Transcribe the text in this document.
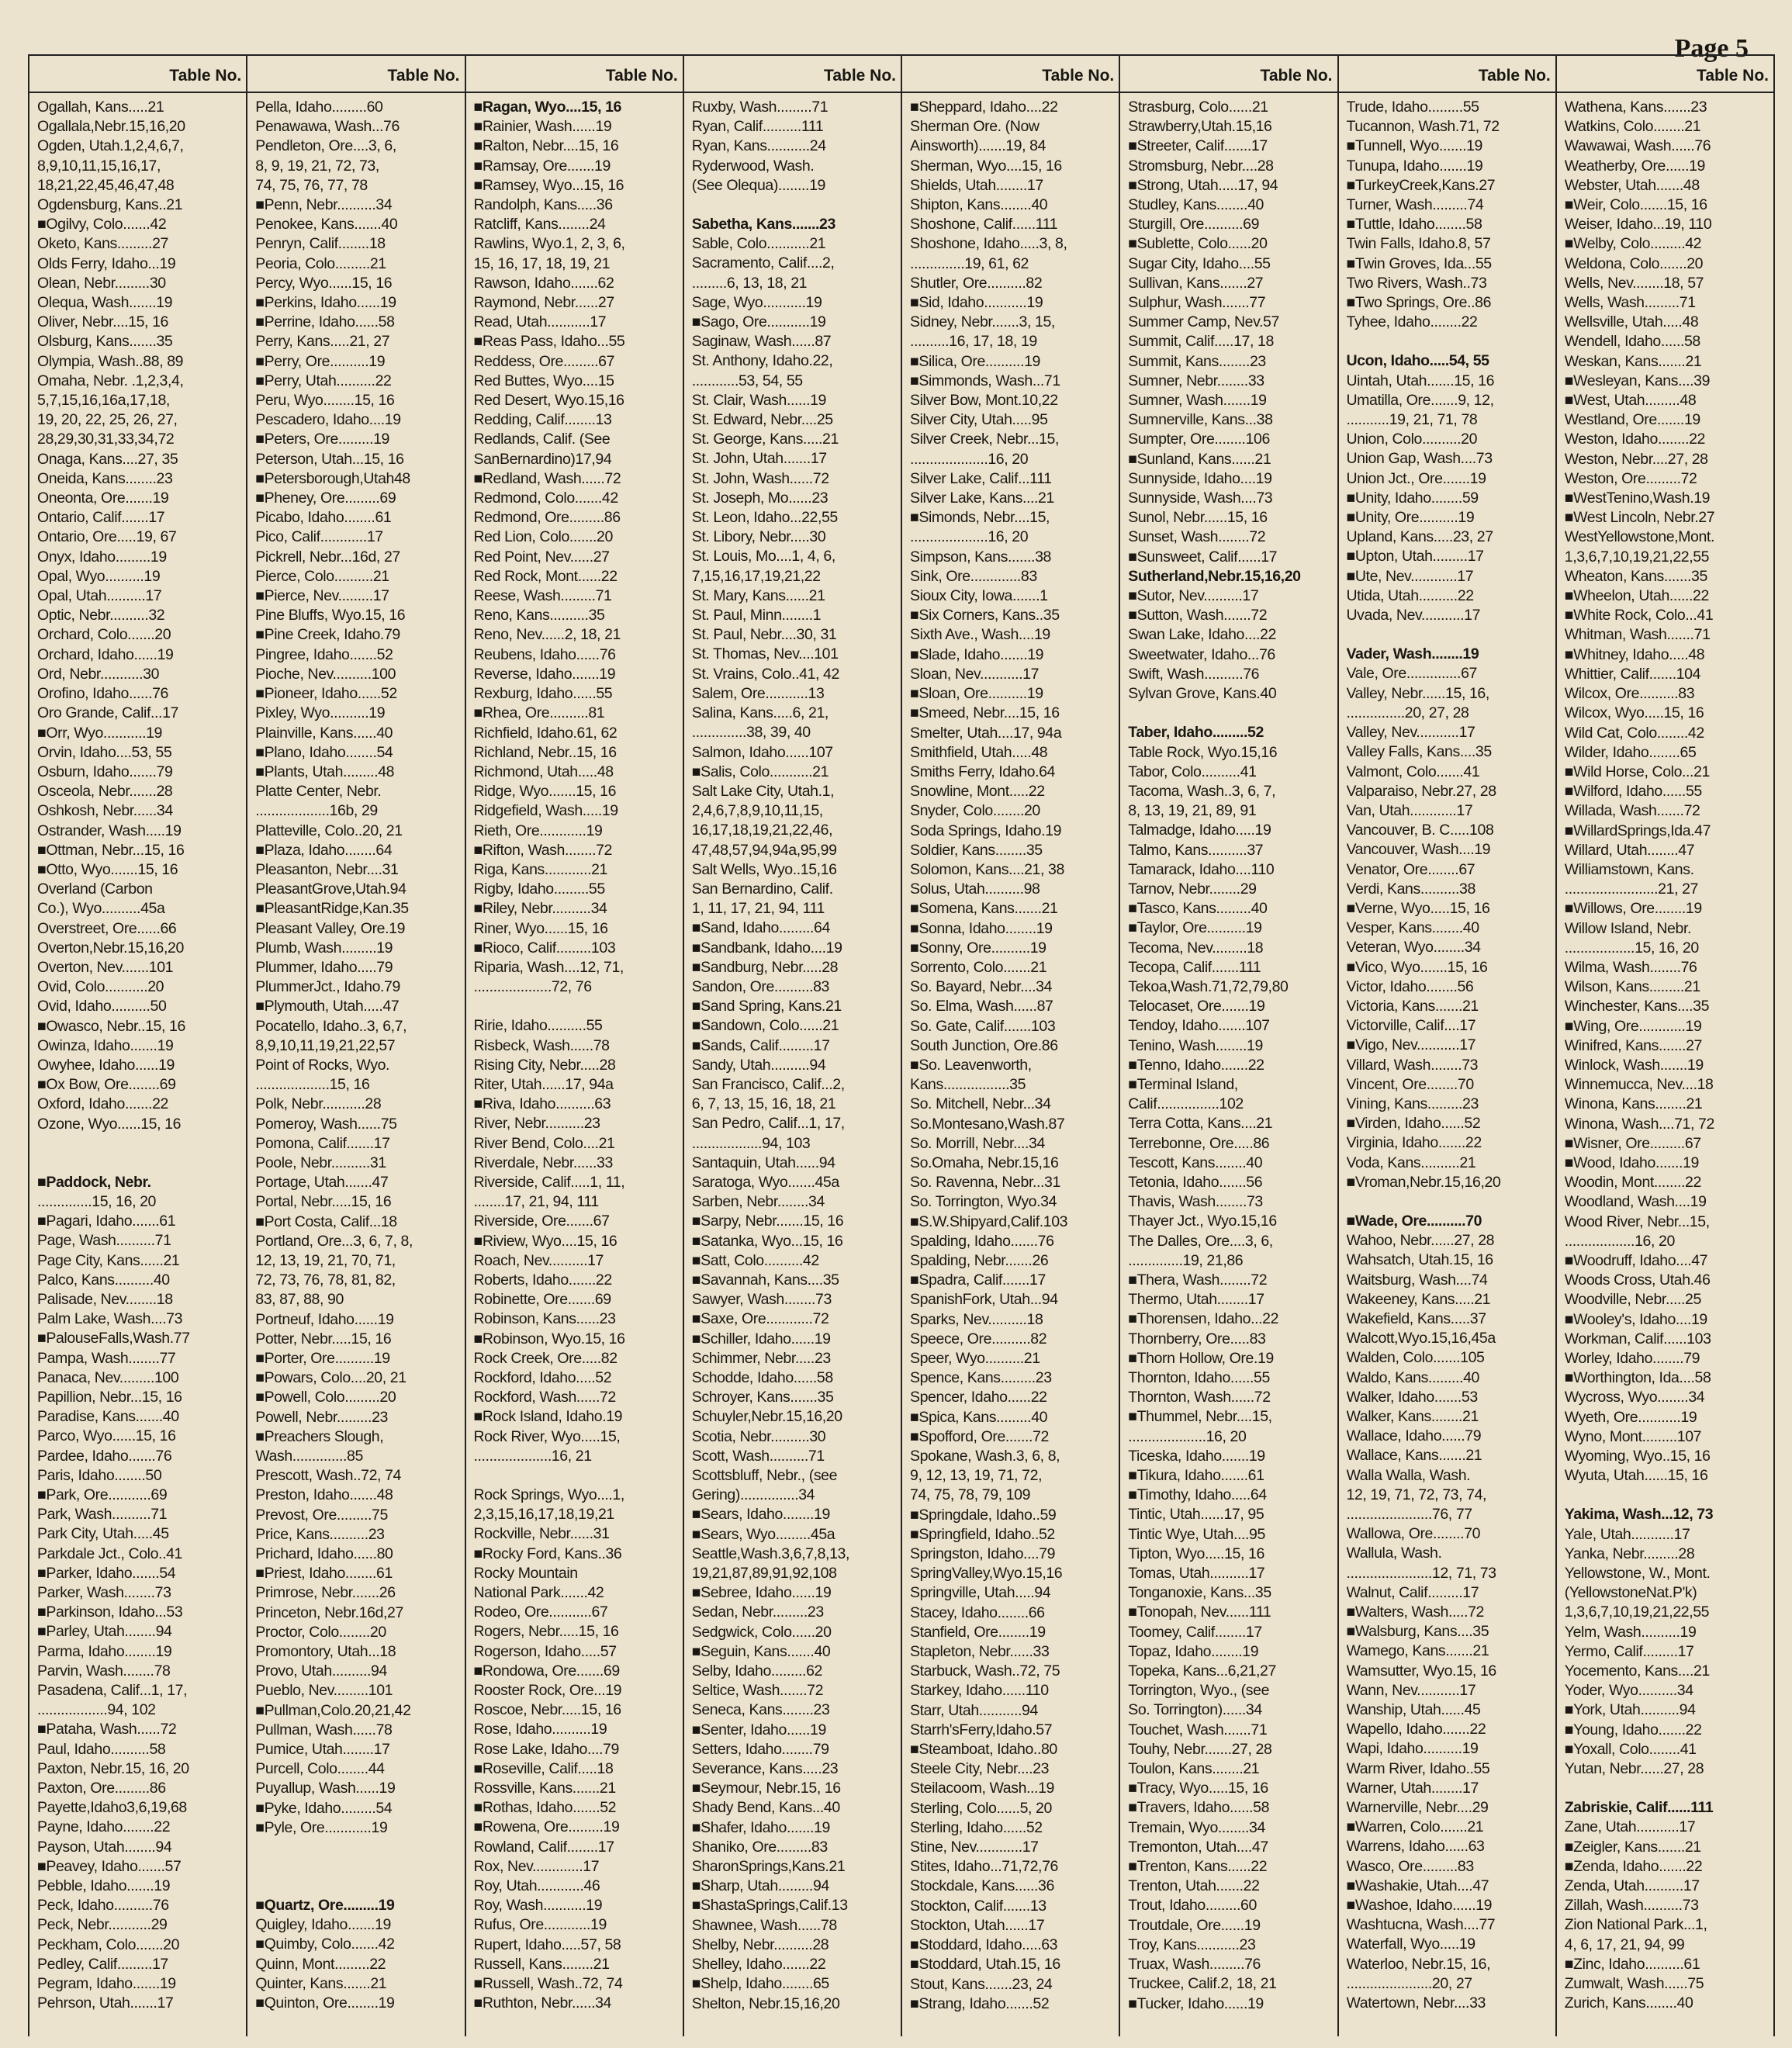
Page 5
Table No.
Ogallah, Kans.....21
Ogallala,Nebr.15,16,20
Ogden, Utah.1,2,4,6,7,
8,9,10,11,15,16,17,
18,21,22,45,46,47,48
Ogdensburg, Kans..21
■Ogilvy, Colo.......42
Oketo, Kans.........27
Olds Ferry, Idaho...19
Olean, Nebr.........30
Olequa, Wash.......19
Oliver, Nebr....15, 16
Olsburg, Kans.......35
Olympia, Wash..88, 89
Omaha, Nebr. .1,2,3,4,
5,7,15,16,16a,17,18,
19, 20, 22, 25, 26, 27,
28,29,30,31,33,34,72
Onaga, Kans....27, 35
Oneida, Kans........23
Oneonta, Ore.......19
Ontario, Calif.......17
Ontario, Ore.....19, 67
Onyx, Idaho.........19
Opal, Wyo..........19
Opal, Utah..........17
Optic, Nebr..........32
Orchard, Colo.......20
Orchard, Idaho......19
Ord, Nebr...........30
Orofino, Idaho......76
Oro Grande, Calif...17
■Orr, Wyo...........19
Orvin, Idaho....53, 55
Osburn, Idaho.......79
Osceola, Nebr.......28
Oshkosh, Nebr......34
Ostrander, Wash.....19
■Ottman, Nebr...15, 16
■Otto, Wyo.......15, 16
Overland (Carbon
Co.), Wyo..........45a
Overstreet, Ore......66
Overton,Nebr.15,16,20
Overton, Nev.......101
Ovid, Colo...........20
Ovid, Idaho..........50
■Owasco, Nebr..15, 16
Owinza, Idaho.......19
Owyhee, Idaho......19
■Ox Bow, Ore........69
Oxford, Idaho.......22
Ozone, Wyo......15, 16
■Paddock, Nebr.
..............15, 16, 20
■Pagari, Idaho.......61
Page, Wash..........71
Page City, Kans......21
Palco, Kans..........40
Palisade, Nev........18
Palm Lake, Wash....73
■PalouseFalls,Wash.77
Pampa, Wash........77
Panaca, Nev.........100
Papillion, Nebr...15, 16
Paradise, Kans.......40
Parco, Wyo......15, 16
Pardee, Idaho.......76
Paris, Idaho........50
■Park, Ore...........69
Park, Wash..........71
Park City, Utah.....45
Parkdale Jct., Colo..41
■Parker, Idaho.......54
Parker, Wash........73
■Parkinson, Idaho...53
■Parley, Utah........94
Parma, Idaho........19
Parvin, Wash........78
Pasadena, Calif...1, 17,
..................94, 102
■Pataha, Wash......72
Paul, Idaho..........58
Paxton, Nebr.15, 16, 20
Paxton, Ore.........86
Payette,Idaho3,6,19,68
Payne, Idaho........22
Payson, Utah........94
■Peavey, Idaho.......57
Pebble, Idaho.......19
Peck, Idaho..........76
Peck, Nebr...........29
Peckham, Colo.......20
Pedley, Calif.........17
Pegram, Idaho.......19
Pehrson, Utah.......17
Table No.
Pella, Idaho.........60
Penawawa, Wash...76
Pendleton, Ore....3, 6,
8, 9, 19, 21, 72, 73,
74, 75, 76, 77, 78
■Penn, Nebr..........34
Penokee, Kans.......40
Penryn, Calif........18
Peoria, Colo.........21
Percy, Wyo......15, 16
■Perkins, Idaho......19
■Perrine, Idaho......58
Perry, Kans.....21, 27
■Perry, Ore..........19
■Perry, Utah..........22
Peru, Wyo........15, 16
Pescadero, Idaho....19
■Peters, Ore.........19
Peterson, Utah...15, 16
■Petersborough,Utah48
■Pheney, Ore.........69
Picabo, Idaho........61
Pico, Calif............17
Pickrell, Nebr...16d, 27
Pierce, Colo..........21
■Pierce, Nev.........17
Pine Bluffs, Wyo.15, 16
■Pine Creek, Idaho.79
Pingree, Idaho.......52
Pioche, Nev..........100
■Pioneer, Idaho......52
Pixley, Wyo..........19
Plainville, Kans......40
■Plano, Idaho........54
■Plants, Utah.........48
Platte Center, Nebr.
...................16b, 29
Platteville, Colo..20, 21
■Plaza, Idaho........64
Pleasanton, Nebr....31
PleasantGrove,Utah.94
■PleasantRidge,Kan.35
Pleasant Valley, Ore.19
Plumb, Wash.........19
Plummer, Idaho.....79
PlummerJct., Idaho.79
■Plymouth, Utah.....47
Pocatello, Idaho..3, 6,7,
8,9,10,11,19,21,22,57
Point of Rocks, Wyo.
...................15, 16
Polk, Nebr...........28
Pomeroy, Wash......75
Pomona, Calif.......17
Poole, Nebr..........31
Portage, Utah.......47
Portal, Nebr.....15, 16
■Port Costa, Calif...18
Portland, Ore...3, 6, 7, 8,
12, 13, 19, 21, 70, 71,
72, 73, 76, 78, 81, 82,
83, 87, 88, 90
Portneuf, Idaho......19
Potter, Nebr.....15, 16
■Porter, Ore..........19
■Powars, Colo....20, 21
■Powell, Colo.........20
Powell, Nebr.........23
■Preachers Slough,
Wash..............85
Prescott, Wash..72, 74
Preston, Idaho.......48
Prevost, Ore.........75
Price, Kans..........23
Prichard, Idaho......80
■Priest, Idaho........61
Primrose, Nebr.......26
Princeton, Nebr.16d,27
Proctor, Colo........20
Promontory, Utah...18
Provo, Utah..........94
Pueblo, Nev.........101
■Pullman,Colo.20,21,42
Pullman, Wash......78
Pumice, Utah........17
Purcell, Colo........44
Puyallup, Wash......19
■Pyke, Idaho.........54
■Pyle, Ore............19
■Quartz, Ore.........19
Quigley, Idaho.......19
■Quimby, Colo.......42
Quinn, Mont.........22
Quinter, Kans.......21
■Quinton, Ore........19
Table No.
■Ragan, Wyo....15, 16
■Rainier, Wash......19
■Ralton, Nebr....15, 16
■Ramsay, Ore.......19
■Ramsey, Wyo...15, 16
Randolph, Kans.....36
Ratcliff, Kans........24
Rawlins, Wyo.1, 2, 3, 6,
15, 16, 17, 18, 19, 21
Rawson, Idaho.......62
Raymond, Nebr......27
Read, Utah...........17
■Reas Pass, Idaho...55
Reddess, Ore.........67
Red Buttes, Wyo....15
Red Desert, Wyo.15,16
Redding, Calif........13
Redlands, Calif. (See
SanBernardino)17,94
■Redland, Wash......72
Redmond, Colo.......42
Redmond, Ore.........86
Red Lion, Colo.......20
Red Point, Nev......27
Red Rock, Mont......22
Reese, Wash.........71
Reno, Kans..........35
Reno, Nev......2, 18, 21
Reubens, Idaho......76
Reverse, Idaho.......19
Rexburg, Idaho......55
■Rhea, Ore..........81
Richfield, Idaho.61, 62
Richland, Nebr..15, 16
Richmond, Utah.....48
Ridge, Wyo.......15, 16
Ridgefield, Wash.....19
Rieth, Ore............19
■Rifton, Wash........72
Riga, Kans............21
Rigby, Idaho.........55
■Riley, Nebr..........34
Riner, Wyo......15, 16
■Rioco, Calif.........103
Riparia, Wash....12, 71,
....................72, 76
Ririe, Idaho..........55
Risbeck, Wash......78
Rising City, Nebr.....28
Riter, Utah......17, 94a
■Riva, Idaho..........63
River, Nebr..........23
River Bend, Colo....21
Riverdale, Nebr......33
Riverside, Calif.....1, 11,
........17, 21, 94, 111
Riverside, Ore.......67
■Riview, Wyo....15, 16
Roach, Nev..........17
Roberts, Idaho.......22
Robinette, Ore.......69
Robinson, Kans......23
■Robinson, Wyo.15, 16
Rock Creek, Ore.....82
Rockford, Idaho.....52
Rockford, Wash......72
■Rock Island, Idaho.19
Rock River, Wyo.....15,
....................16, 21
Rock Springs, Wyo....1,
2,3,15,16,17,18,19,21
Rockville, Nebr......31
■Rocky Ford, Kans..36
Rocky Mountain
National Park.......42
Rodeo, Ore...........67
Rogers, Nebr.....15, 16
Rogerson, Idaho.....57
■Rondowa, Ore.......69
Rooster Rock, Ore...19
Roscoe, Nebr.....15, 16
Rose, Idaho..........19
Rose Lake, Idaho....79
■Roseville, Calif.....18
Rossville, Kans.......21
■Rothas, Idaho.......52
■Rowena, Ore.........19
Rowland, Calif........17
Rox, Nev.............17
Roy, Utah............46
Roy, Wash...........19
Rufus, Ore............19
Rupert, Idaho.....57, 58
Russell, Kans........21
■Russell, Wash..72, 74
■Ruthton, Nebr......34
Table No.
Ruxby, Wash.........71
Ryan, Calif..........111
Ryan, Kans...........24
Ryderwood, Wash.
(See Olequa)........19
Sabetha, Kans.......23
Sable, Colo...........21
Sacramento, Calif....2,
.........6, 13, 18, 21
Sage, Wyo...........19
■Sago, Ore...........19
Saginaw, Wash......87
St. Anthony, Idaho.22,
............53, 54, 55
St. Clair, Wash......19
St. Edward, Nebr....25
St. George, Kans.....21
St. John, Utah.......17
St. John, Wash......72
St. Joseph, Mo......23
St. Leon, Idaho...22,55
St. Libory, Nebr.....30
St. Louis, Mo....1, 4, 6,
7,15,16,17,19,21,22
St. Mary, Kans......21
St. Paul, Minn........1
St. Paul, Nebr....30, 31
St. Thomas, Nev....101
St. Vrains, Colo..41, 42
Salem, Ore...........13
Salina, Kans.....6, 21,
..............38, 39, 40
Salmon, Idaho......107
■Salis, Colo...........21
Salt Lake City, Utah.1,
2,4,6,7,8,9,10,11,15,
16,17,18,19,21,22,46,
47,48,57,94,94a,95,99
Salt Wells, Wyo..15,16
San Bernardino, Calif.
1, 11, 17, 21, 94, 111
■Sand, Idaho.........64
■Sandbank, Idaho....19
■Sandburg, Nebr.....28
Sandon, Ore..........83
■Sand Spring, Kans.21
■Sandown, Colo......21
■Sands, Calif.........17
Sandy, Utah..........94
San Francisco, Calif...2,
6, 7, 13, 15, 16, 18, 21
San Pedro, Calif...1, 17,
..................94, 103
Santaquin, Utah......94
Saratoga, Wyo.......45a
Sarben, Nebr........34
■Sarpy, Nebr.......15, 16
■Satanka, Wyo...15, 16
■Satt, Colo..........42
■Savannah, Kans....35
Sawyer, Wash........73
■Saxe, Ore............72
■Schiller, Idaho......19
Schimmer, Nebr.....23
Schodde, Idaho......58
Schroyer, Kans.......35
Schuyler,Nebr.15,16,20
Scotia, Nebr..........30
Scott, Wash..........71
Scottsbluff, Nebr., (see
Gering)...............34
■Sears, Idaho........19
■Sears, Wyo.........45a
Seattle,Wash.3,6,7,8,13,
19,21,87,89,91,92,108
■Sebree, Idaho......19
Sedan, Nebr.........23
Sedgwick, Colo......20
■Seguin, Kans.......40
Selby, Idaho.........62
Seltice, Wash.......72
Seneca, Kans........23
■Senter, Idaho......19
Setters, Idaho........79
Severance, Kans.....23
■Seymour, Nebr.15, 16
Shady Bend, Kans...40
■Shafer, Idaho.......19
Shaniko, Ore.........83
SharonSprings,Kans.21
■Sharp, Utah.........94
■ShastaSprings,Calif.13
Shawnee, Wash......78
Shelby, Nebr..........28
Shelley, Idaho.......22
■Shelp, Idaho........65
Shelton, Nebr.15,16,20
Table No.
■Sheppard, Idaho....22
Sherman Ore. (Now
Ainsworth).......19, 84
Sherman, Wyo....15, 16
Shields, Utah........17
Shipton, Kans........40
Shoshone, Calif......111
Shoshone, Idaho.....3, 8,
..............19, 61, 62
Shutler, Ore..........82
■Sid, Idaho...........19
Sidney, Nebr.......3, 15,
..........16, 17, 18, 19
■Silica, Ore..........19
■Simmonds, Wash...71
Silver Bow, Mont.10,22
Silver City, Utah.....95
Silver Creek, Nebr...15,
....................16, 20
Silver Lake, Calif...111
Silver Lake, Kans....21
■Simonds, Nebr....15,
....................16, 20
Simpson, Kans.......38
Sink, Ore.............83
Sioux City, Iowa.......1
■Six Corners, Kans..35
Sixth Ave., Wash....19
■Slade, Idaho.......19
Sloan, Nev...........17
■Sloan, Ore..........19
■Smeed, Nebr....15, 16
Smelter, Utah....17, 94a
Smithfield, Utah.....48
Smiths Ferry, Idaho.64
Snowline, Mont.....22
Snyder, Colo........20
Soda Springs, Idaho.19
Soldier, Kans........35
Solomon, Kans....21, 38
Solus, Utah..........98
■Somena, Kans.......21
■Sonna, Idaho........19
■Sonny, Ore..........19
Sorrento, Colo.......21
So. Bayard, Nebr....34
So. Elma, Wash......87
So. Gate, Calif.......103
South Junction, Ore.86
■So. Leavenworth,
Kans.................35
So. Mitchell, Nebr...34
So.Montesano,Wash.87
So. Morrill, Nebr....34
So.Omaha, Nebr.15,16
So. Ravenna, Nebr...31
So. Torrington, Wyo.34
■S.W.Shipyard,Calif.103
Spalding, Idaho.......76
Spalding, Nebr.......26
■Spadra, Calif.......17
SpanishFork, Utah...94
Sparks, Nev..........18
Speece, Ore..........82
Speer, Wyo..........21
Spence, Kans.........23
Spencer, Idaho......22
■Spica, Kans.........40
■Spofford, Ore.......72
Spokane, Wash.3, 6, 8,
9, 12, 13, 19, 71, 72,
74, 75, 78, 79, 109
■Springdale, Idaho..59
■Springfield, Idaho..52
Springston, Idaho....79
SpringValley,Wyo.15,16
Springville, Utah.....94
Stacey, Idaho........66
Stanfield, Ore........19
Stapleton, Nebr......33
Starbuck, Wash..72, 75
Starkey, Idaho......110
Starr, Utah...........94
Starrh'sFerry,Idaho.57
■Steamboat, Idaho..80
Steele City, Nebr....23
Steilacoom, Wash...19
Sterling, Colo......5, 20
Sterling, Idaho......52
Stine, Nev............17
Stites, Idaho...71,72,76
Stockdale, Kans......36
Stockton, Calif.......13
Stockton, Utah......17
■Stoddard, Idaho.....63
■Stoddard, Utah.15, 16
Stout, Kans.......23, 24
■Strang, Idaho.......52
Table No.
Strasburg, Colo......21
Strawberry,Utah.15,16
■Streeter, Calif.......17
Stromsburg, Nebr....28
■Strong, Utah.....17, 94
Studley, Kans........40
Sturgill, Ore..........69
■Sublette, Colo......20
Sugar City, Idaho....55
Sullivan, Kans.......27
Sulphur, Wash.......77
Summer Camp, Nev.57
Summit, Calif.....17, 18
Summit, Kans........23
Sumner, Nebr........33
Sumner, Wash.......19
Sumnerville, Kans...38
Sumpter, Ore........106
■Sunland, Kans......21
Sunnyside, Idaho....19
Sunnyside, Wash....73
Sunol, Nebr......15, 16
Sunset, Wash........72
■Sunsweet, Calif......17
Sutherland,Nebr.15,16,20
■Sutor, Nev..........17
■Sutton, Wash.......72
Swan Lake, Idaho....22
Sweetwater, Idaho...76
Swift, Wash..........76
Sylvan Grove, Kans.40
Taber, Idaho.........52
Table Rock, Wyo.15,16
Tabor, Colo..........41
Tacoma, Wash..3, 6, 7,
8, 13, 19, 21, 89, 91
Talmadge, Idaho.....19
Talmo, Kans..........37
Tamarack, Idaho....110
Tarnov, Nebr........29
■Tasco, Kans.........40
■Taylor, Ore..........19
Tecoma, Nev.........18
Tecopa, Calif.......111
Tekoa,Wash.71,72,79,80
Telocaset, Ore.......19
Tendoy, Idaho.......107
Tenino, Wash........19
■Tenno, Idaho.......22
■Terminal Island,
Calif................102
Terra Cotta, Kans....21
Terrebonne, Ore.....86
Tescott, Kans........40
Tetonia, Idaho.......56
Thavis, Wash........73
Thayer Jct., Wyo.15,16
The Dalles, Ore....3, 6,
..............19, 21,86
■Thera, Wash........72
Thermo, Utah........17
■Thorensen, Idaho...22
Thornberry, Ore.....83
■Thorn Hollow, Ore.19
Thornton, Idaho......55
Thornton, Wash......72
■Thummel, Nebr....15,
....................16, 20
Ticeska, Idaho.......19
■Tikura, Idaho.......61
■Timothy, Idaho.....64
Tintic, Utah......17, 95
Tintic Wye, Utah....95
Tipton, Wyo.....15, 16
Tomas, Utah..........17
Tonganoxie, Kans...35
■Tonopah, Nev......111
Toomey, Calif........17
Topaz, Idaho........19
Topeka, Kans...6,21,27
Torrington, Wyo., (see
So. Torrington)......34
Touchet, Wash.......71
Touhy, Nebr.......27, 28
Toulon, Kans........21
■Tracy, Wyo.....15, 16
■Travers, Idaho......58
Tremain, Wyo........34
Tremonton, Utah....47
■Trenton, Kans......22
Trenton, Utah.......22
Trout, Idaho.........60
Troutdale, Ore......19
Troy, Kans...........23
Truax, Wash.........76
Truckee, Calif.2, 18, 21
■Tucker, Idaho......19
Table No.
Trude, Idaho.........55
Tucannon, Wash.71, 72
■Tunnell, Wyo.......19
Tunupa, Idaho.......19
■TurkeyCreek,Kans.27
Turner, Wash.........74
■Tuttle, Idaho........58
Twin Falls, Idaho.8, 57
■Twin Groves, Ida...55
Two Rivers, Wash..73
■Two Springs, Ore..86
Tyhee, Idaho........22
Ucon, Idaho.....54, 55
Uintah, Utah.......15, 16
Umatilla, Ore.......9, 12,
...........19, 21, 71, 78
Union, Colo..........20
Union Gap, Wash....73
Union Jct., Ore.......19
■Unity, Idaho........59
■Unity, Ore..........19
Upland, Kans.....23, 27
■Upton, Utah.........17
■Ute, Nev............17
Utida, Utah..........22
Uvada, Nev...........17
Vader, Wash........19
Vale, Ore..............67
Valley, Nebr......15, 16,
...............20, 27, 28
Valley, Nev...........17
Valley Falls, Kans....35
Valmont, Colo.......41
Valparaiso, Nebr.27, 28
Van, Utah............17
Vancouver, B. C.....108
Vancouver, Wash....19
Venator, Ore........67
Verdi, Kans..........38
■Verne, Wyo.....15, 16
Vesper, Kans........40
Veteran, Wyo........34
■Vico, Wyo.......15, 16
Victor, Idaho........56
Victoria, Kans.......21
Victorville, Calif....17
■Vigo, Nev...........17
Villard, Wash........73
Vincent, Ore........70
Vining, Kans.........23
■Virden, Idaho......52
Virginia, Idaho.......22
Voda, Kans..........21
■Vroman,Nebr.15,16,20
■Wade, Ore..........70
Wahoo, Nebr......27, 28
Wahsatch, Utah.15, 16
Waitsburg, Wash....74
Wakeeney, Kans.....21
Wakefield, Kans.....37
Walcott,Wyo.15,16,45a
Walden, Colo.......105
Waldo, Kans.........40
Walker, Idaho.......53
Walker, Kans........21
Wallace, Idaho......79
Wallace, Kans.......21
Walla Walla, Wash.
12, 19, 71, 72, 73, 74,
......................76, 77
Wallowa, Ore........70
Wallula, Wash.
......................12, 71, 73
Walnut, Calif.........17
■Walters, Wash.....72
■Walsburg, Kans....35
Wamego, Kans.......21
Wamsutter, Wyo.15, 16
Wann, Nev...........17
Wanship, Utah......45
Wapello, Idaho.......22
Wapi, Idaho..........19
Warm River, Idaho..55
Warner, Utah........17
Warnerville, Nebr....29
■Warren, Colo.......21
Warrens, Idaho......63
Wasco, Ore.........83
■Washakie, Utah....47
■Washoe, Idaho......19
Washtucna, Wash....77
Waterfall, Wyo.....19
Waterloo, Nebr.15, 16,
......................20, 27
Watertown, Nebr....33
Table No.
Wathena, Kans.......23
Watkins, Colo........21
Wawawai, Wash......76
Weatherby, Ore......19
Webster, Utah.......48
■Weir, Colo.......15, 16
Weiser, Idaho...19, 110
■Welby, Colo.........42
Weldona, Colo.......20
Wells, Nev........18, 57
Wells, Wash.........71
Wellsville, Utah.....48
Wendell, Idaho......58
Weskan, Kans.......21
■Wesleyan, Kans....39
■West, Utah.........48
Westland, Ore.......19
Weston, Idaho........22
Weston, Nebr....27, 28
Weston, Ore.........72
■WestTenino,Wash.19
■West Lincoln, Nebr.27
WestYellowstone,Mont.
1,3,6,7,10,19,21,22,55
Wheaton, Kans.......35
■Wheelon, Utah......22
■White Rock, Colo...41
Whitman, Wash.......71
■Whitney, Idaho.....48
Whittier, Calif.......104
Wilcox, Ore..........83
Wilcox, Wyo.....15, 16
Wild Cat, Colo........42
Wilder, Idaho........65
■Wild Horse, Colo...21
■Wilford, Idaho......55
Willada, Wash.......72
■WillardSprings,Ida.47
Willard, Utah........47
Williamstown, Kans.
........................21, 27
■Willows, Ore........19
Willow Island, Nebr.
..................15, 16, 20
Wilma, Wash........76
Wilson, Kans.........21
Winchester, Kans....35
■Wing, Ore............19
Winifred, Kans.......27
Winlock, Wash.......19
Winnemucca, Nev....18
Winona, Kans........21
Winona, Wash....71, 72
■Wisner, Ore.........67
■Wood, Idaho.......19
Woodin, Mont........22
Woodland, Wash....19
Wood River, Nebr...15,
..................16, 20
■Woodruff, Idaho....47
Woods Cross, Utah.46
Woodville, Nebr.....25
■Wooley's, Idaho....19
Workman, Calif......103
Worley, Idaho........79
■Worthington, Ida....58
Wycross, Wyo........34
Wyeth, Ore...........19
Wyno, Mont.........107
Wyoming, Wyo..15, 16
Wyuta, Utah......15, 16
Yakima, Wash...12, 73
Yale, Utah...........17
Yanka, Nebr.........28
Yellowstone, W., Mont.
(YellowstoneNat.P'k)
1,3,6,7,10,19,21,22,55
Yelm, Wash..........19
Yermo, Calif.........17
Yocemento, Kans....21
Yoder, Wyo..........34
■York, Utah..........94
■Young, Idaho.......22
■Yoxall, Colo........41
Yutan, Nebr......27, 28
Zabriskie, Calif......111
Zane, Utah...........17
■Zeigler, Kans.......21
■Zenda, Idaho.......22
Zenda, Utah..........17
Zillah, Wash..........73
Zion National Park...1,
4, 6, 17, 21, 94, 99
■Zinc, Idaho..........61
Zumwalt, Wash......75
Zurich, Kans........40
